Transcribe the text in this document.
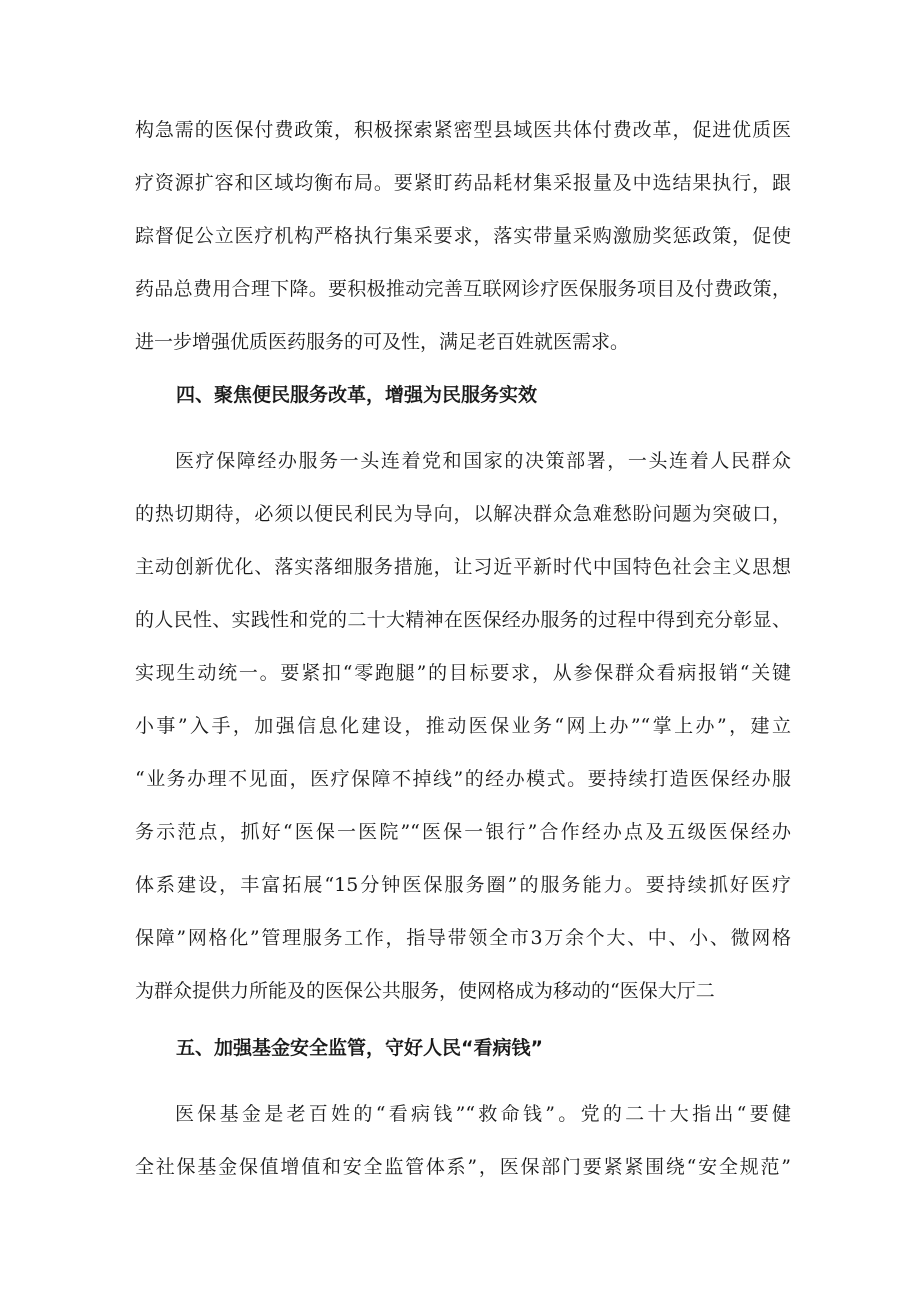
构急需的医保付费政策，积极探索紧密型县域医共体付费改革，促进优质医
疗资源扩容和区域均衡布局。要紧盯药品耗材集采报量及中选结果执行，跟
踪督促公立医疗机构严格执行集采要求，落实带量采购激励奖惩政策，促使
药品总费用合理下降。要积极推动完善互联网诊疗医保服务项目及付费政策，
进一步增强优质医药服务的可及性，满足老百姓就医需求。
四、聚焦便民服务改革，增强为民服务实效
医疗保障经办服务一头连着党和国家的决策部署，一头连着人民群众
的热切期待，必须以便民利民为导向，以解决群众急难愁盼问题为突破口，
主动创新优化、落实落细服务措施，让习近平新时代中国特色社会主义思想
的人民性、实践性和党的二十大精神在医保经办服务的过程中得到充分彰显、
实现生动统一。要紧扣“零跑腿”的目标要求，从参保群众看病报销“关键
小事”入手，加强信息化建设，推动医保业务“网上办”“掌上办”，建立
“业务办理不见面，医疗保障不掉线”的经办模式。要持续打造医保经办服
务示范点，抓好“医保一医院”“医保一银行”合作经办点及五级医保经办
体系建设，丰富拓展“15分钟医保服务圈”的服务能力。要持续抓好医疗
保障”网格化”管理服务工作，指导带领全市3万余个大、中、小、微网格
为群众提供力所能及的医保公共服务，使网格成为移动的“医保大厅二
五、加强基金安全监管，守好人民“看病钱”
医保基金是老百姓的“看病钱”“救命钱”。党的二十大指出“要健
全社保基金保值增值和安全监管体系”，医保部门要紧紧围绕“安全规范”
